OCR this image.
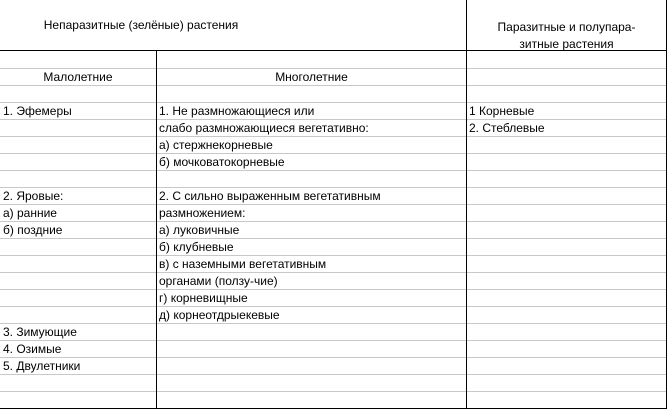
Непаразитные (зелёные) растения	Паразитные и полупара-
зитные растения
Малолетние	Многолетние
1. Эфемеры
2. Яровые:
а) ранние
б) поздние
3. Зимующие
4. Озимые
5. Двулетники
1. Не размножающиеся или
слабо размножающиеся вегетативно:
а) стержнекорневые
б) мочковатокорневые
2. С сильно выраженным вегетативным
размножением:
а) луковичные
б) клубневые
в) с наземными вегетативным
органами (ползу-чие)
г) корневищные
д) корнеотдрыекевые
1 Корневые
2. Стеблевые
